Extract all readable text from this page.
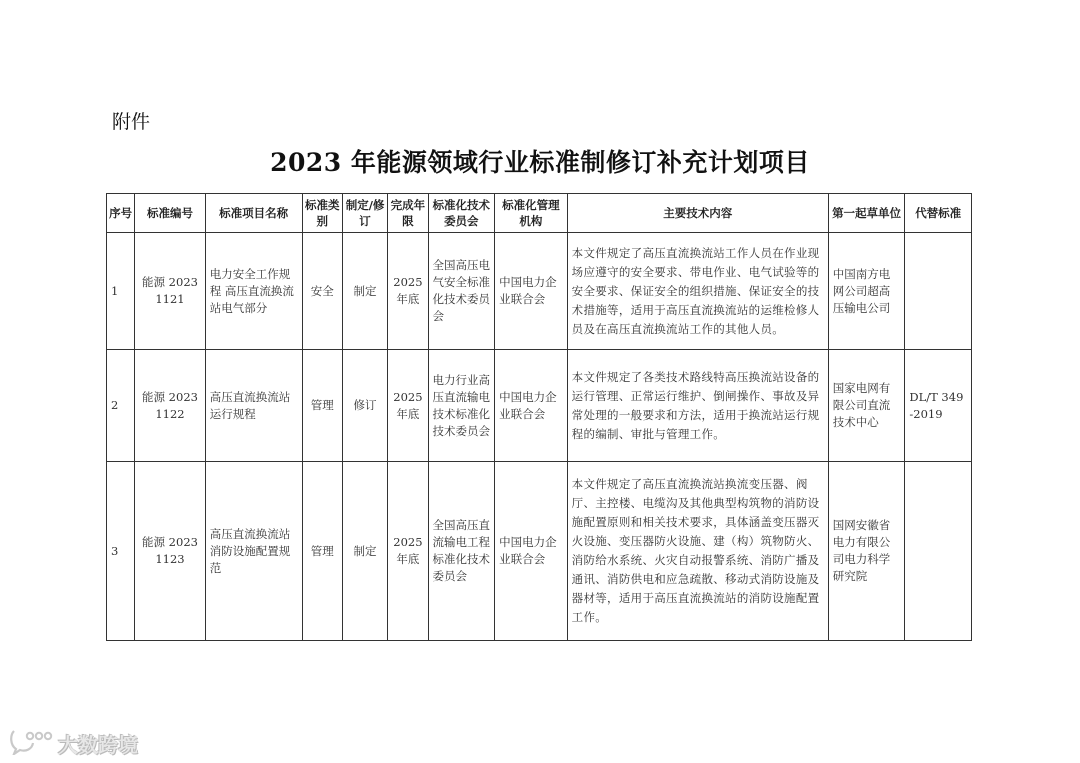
附件
2023 年能源领域行业标准制修订补充计划项目
序号	标准编号	标准项目名称	标准类别	制定/修订	完成年限	标准化技术委员会	标准化管理机构	主要技术内容	第一起草单位	代替标准
1	能源 20231121	电力安全工作规程 高压直流换流站电气部分	安全	制定	2025 年底	全国高压电气安全标准化技术委员会	中国电力企业联合会	本文件规定了高压直流换流站工作人员在作业现场应遵守的安全要求、带电作业、电气试验等的安全要求、保证安全的组织措施、保证安全的技术措施等，适用于高压直流换流站的运维检修人员及在高压直流换流站工作的其他人员。	中国南方电网公司超高压输电公司	
2	能源 20231122	高压直流换流站运行规程	管理	修订	2025 年底	电力行业高压直流输电技术标准化技术委员会	中国电力企业联合会	本文件规定了各类技术路线特高压换流站设备的运行管理、正常运行维护、倒闸操作、事故及异常处理的一般要求和方法，适用于换流站运行规程的编制、审批与管理工作。	国家电网有限公司直流技术中心	DL/T 349-2019
3	能源 20231123	高压直流换流站消防设施配置规范	管理	制定	2025 年底	全国高压直流输电工程标准化技术委员会	中国电力企业联合会	本文件规定了高压直流换流站换流变压器、阀厅、主控楼、电缆沟及其他典型构筑物的消防设施配置原则和相关技术要求，具体涵盖变压器灭火设施、变压器防火设施、建（构）筑物防火、消防给水系统、火灾自动报警系统、消防广播及通讯、消防供电和应急疏散、移动式消防设施及器材等，适用于高压直流换流站的消防设施配置工作。	国网安徽省电力有限公司电力科学研究院	
大数跨境
